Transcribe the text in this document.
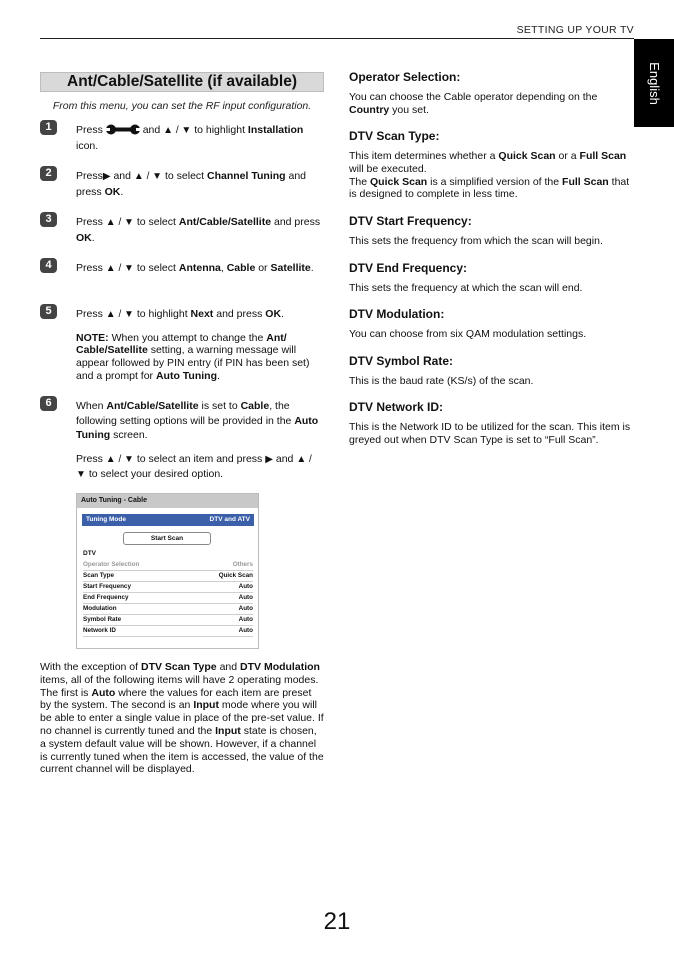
SETTING UP YOUR TV
English
Ant/Cable/Satellite (if available)
From this menu, you can set the RF input configuration.
1	Press	and ▲ / ▼ to highlight Installation icon.
2	Press▶ and ▲ / ▼ to select Channel Tuning and press OK.
3	Press ▲ / ▼ to select Ant/Cable/Satellite and press OK.
4	Press ▲ / ▼ to select Antenna, Cable or Satellite.
5	Press ▲ / ▼ to highlight Next and press OK.

NOTE: When you attempt to change the Ant/ Cable/Satellite setting, a warning message will appear followed by PIN entry (if PIN has been set) and a prompt for Auto Tuning.

6	When Ant/Cable/Satellite is set to Cable, the following setting options will be provided in the Auto Tuning screen.

Press ▲ / ▼ to select an item and press ▶ and ▲ / ▼ to select your desired option.

Auto Tuning - Cable
Tuning Mode	DTV and ATV
Start Scan
DTV
Operator Selection	Others
Scan Type	Quick Scan
Start Frequency	Auto
End Frequency	Auto
Modulation	Auto
Symbol Rate	Auto
Network ID	Auto
With the exception of DTV Scan Type and DTV Modulation items, all of the following items will have 2 operating modes. The first is Auto where the values for each item are preset by the system. The second is an Input mode where you will be able to enter a single value in place of the pre-set value. If no channel is currently tuned and the Input state is chosen, a system default value will be shown. However, if a channel is currently tuned when the item is accessed, the value of the current channel will be displayed.
Operator Selection:
You can choose the Cable operator depending on the Country you set.
DTV Scan Type:
This item determines whether a Quick Scan or a Full Scan will be executed.
The Quick Scan is a simplified version of the Full Scan that is designed to complete in less time.
DTV Start Frequency:
This sets the frequency from which the scan will begin.
DTV End Frequency:
This sets the frequency at which the scan will end.
DTV Modulation:
You can choose from six QAM modulation settings.
DTV Symbol Rate:
This is the baud rate (KS/s) of the scan.
DTV Network ID:
This is the Network ID to be utilized for the scan. This item is greyed out when DTV Scan Type is set to “Full Scan”.
21
